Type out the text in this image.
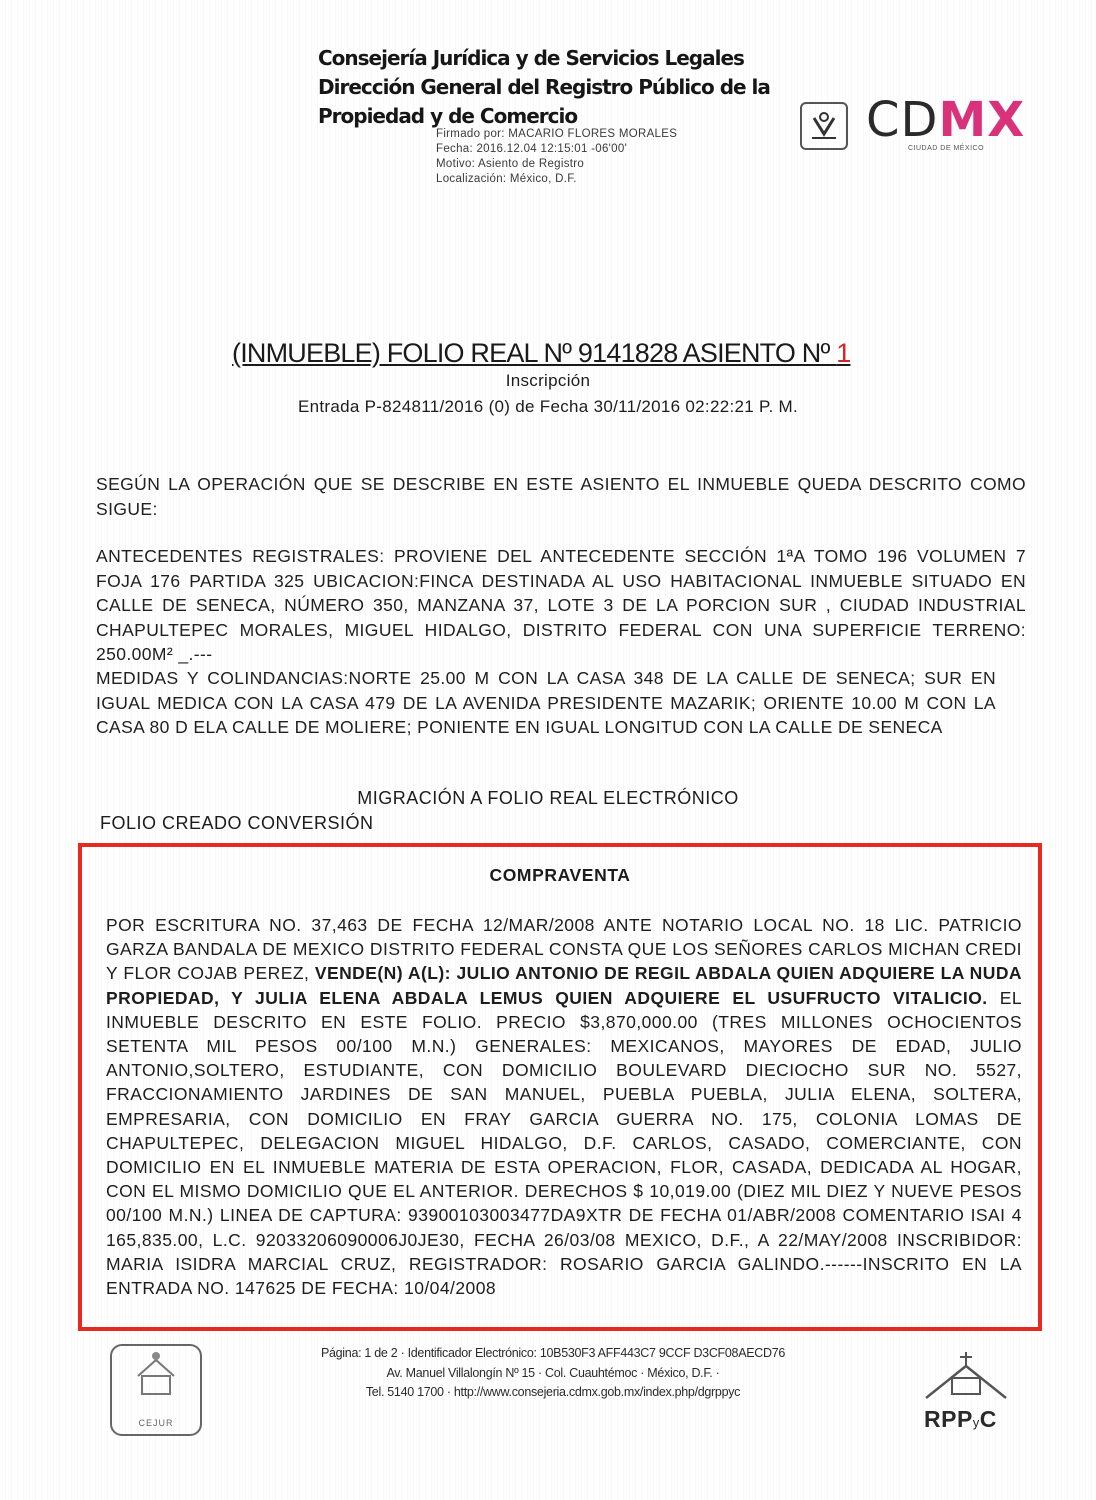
Consejería Jurídica y de Servicios Legales
Dirección General del Registro Público de la
Propiedad y de Comercio
Firmado por: MACARIO FLORES MORALES
Fecha: 2016.12.04 12:15:01 -06'00'
Motivo: Asiento de Registro
Localización: México, D.F.
CDMX
CIUDAD DE MÉXICO
(INMUEBLE) FOLIO REAL Nº 9141828 ASIENTO Nº 1
Inscripción
Entrada P-824811/2016 (0) de Fecha 30/11/2016 02:22:21 P. M.
SEGÚN LA OPERACIÓN QUE SE DESCRIBE EN ESTE ASIENTO EL INMUEBLE QUEDA DESCRITO COMO SIGUE:
ANTECEDENTES REGISTRALES: PROVIENE DEL ANTECEDENTE SECCIÓN 1ªA TOMO 196 VOLUMEN 7 FOJA 176 PARTIDA 325 UBICACION:FINCA DESTINADA AL USO HABITACIONAL INMUEBLE SITUADO EN CALLE DE SENECA, NÚMERO 350, MANZANA 37, LOTE 3 DE LA PORCION SUR , CIUDAD INDUSTRIAL CHAPULTEPEC MORALES, MIGUEL HIDALGO, DISTRITO FEDERAL CON UNA SUPERFICIE TERRENO: 250.00M² _.---
MEDIDAS Y COLINDANCIAS:NORTE 25.00 M CON LA CASA 348 DE LA CALLE DE SENECA; SUR EN IGUAL MEDICA CON LA CASA 479 DE LA AVENIDA PRESIDENTE MAZARIK; ORIENTE 10.00 M CON LA CASA 80 D ELA CALLE DE MOLIERE; PONIENTE EN IGUAL LONGITUD CON LA CALLE DE SENECA
MIGRACIÓN A FOLIO REAL ELECTRÓNICO
FOLIO CREADO CONVERSIÓN
COMPRAVENTA
POR ESCRITURA NO. 37,463 DE FECHA 12/MAR/2008 ANTE NOTARIO LOCAL NO. 18 LIC. PATRICIO GARZA BANDALA DE MEXICO DISTRITO FEDERAL CONSTA QUE LOS SEÑORES CARLOS MICHAN CREDI Y FLOR COJAB PEREZ, VENDE(N) A(L): JULIO ANTONIO DE REGIL ABDALA QUIEN ADQUIERE LA NUDA PROPIEDAD, Y JULIA ELENA ABDALA LEMUS QUIEN ADQUIERE EL USUFRUCTO VITALICIO. EL INMUEBLE DESCRITO EN ESTE FOLIO. PRECIO $3,870,000.00 (TRES MILLONES OCHOCIENTOS SETENTA MIL PESOS 00/100 M.N.) GENERALES: MEXICANOS, MAYORES DE EDAD, JULIO ANTONIO,SOLTERO, ESTUDIANTE, CON DOMICILIO BOULEVARD DIECIOCHO SUR NO. 5527, FRACCIONAMIENTO JARDINES DE SAN MANUEL, PUEBLA PUEBLA, JULIA ELENA, SOLTERA, EMPRESARIA, CON DOMICILIO EN FRAY GARCIA GUERRA NO. 175, COLONIA LOMAS DE CHAPULTEPEC, DELEGACION MIGUEL HIDALGO, D.F. CARLOS, CASADO, COMERCIANTE, CON DOMICILIO EN EL INMUEBLE MATERIA DE ESTA OPERACION, FLOR, CASADA, DEDICADA AL HOGAR, CON EL MISMO DOMICILIO QUE EL ANTERIOR. DERECHOS $ 10,019.00 (DIEZ MIL DIEZ Y NUEVE PESOS 00/100 M.N.) LINEA DE CAPTURA: 93900103003477DA9XTR DE FECHA 01/ABR/2008 COMENTARIO ISAI 4 165,835.00, L.C. 92033206090006J0JE30, FECHA 26/03/08 MEXICO, D.F., A 22/MAY/2008 INSCRIBIDOR: MARIA ISIDRA MARCIAL CRUZ, REGISTRADOR: ROSARIO GARCIA GALINDO.------INSCRITO EN LA ENTRADA NO. 147625 DE FECHA: 10/04/2008
CEJUR
Página: 1 de 2 · Identificador Electrónico: 10B530F3 AFF443C7 9CCF D3CF08AECD76
Av. Manuel Villalongín Nº 15 · Col. Cuauhtémoc · México, D.F. ·
Tel. 5140 1700 · http://www.consejeria.cdmx.gob.mx/index.php/dgrppyc
RPPyC
